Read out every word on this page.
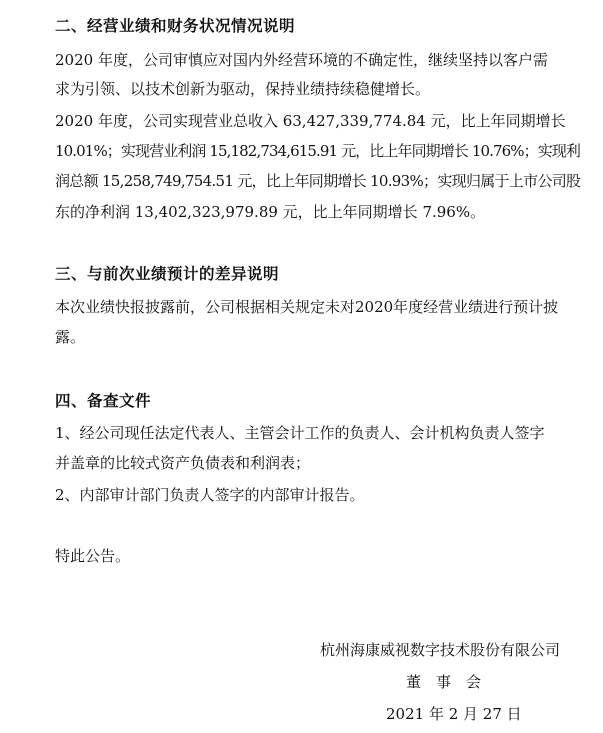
二、经营业绩和财务状况情况说明
2020 年度，公司审慎应对国内外经营环境的不确定性，继续坚持以客户需
求为引领、以技术创新为驱动，保持业绩持续稳健增长。
2020 年度，公司实现营业总收入 63,427,339,774.84 元，比上年同期增长
10.01%；实现营业利润 15,182,734,615.91 元，比上年同期增长 10.76%；实现利
润总额 15,258,749,754.51 元，比上年同期增长 10.93%；实现归属于上市公司股
东的净利润 13,402,323,979.89 元，比上年同期增长 7.96%。
三、与前次业绩预计的差异说明
本次业绩快报披露前，公司根据相关规定未对2020年度经营业绩进行预计披
露。
四、备查文件
1、经公司现任法定代表人、主管会计工作的负责人、会计机构负责人签字
并盖章的比较式资产负债表和利润表；
2、内部审计部门负责人签字的内部审计报告。
特此公告。
杭州海康威视数字技术股份有限公司
董　事　会
2021 年 2 月 27 日
